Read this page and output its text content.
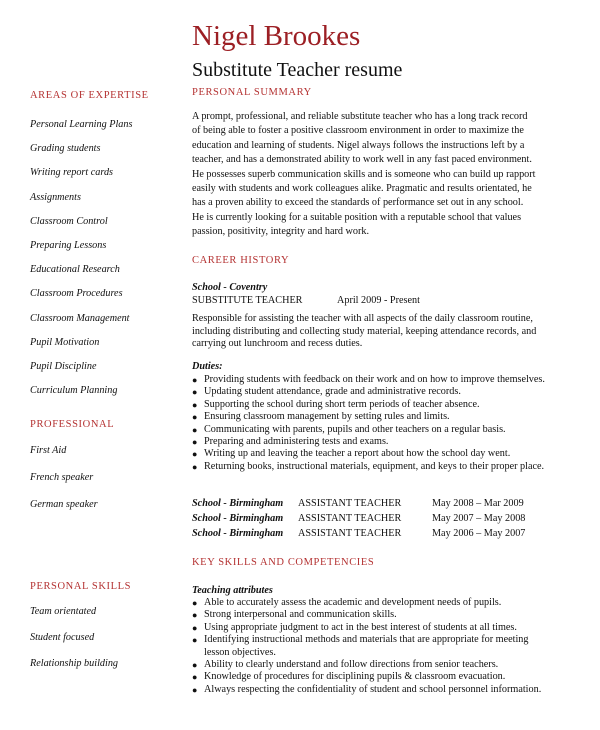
Nigel Brookes
Substitute Teacher resume
AREAS OF EXPERTISE
Personal Learning Plans
Grading students
Writing report cards
Assignments
Classroom Control
Preparing Lessons
Educational Research
Classroom Procedures
Classroom Management
Pupil Motivation
Pupil Discipline
Curriculum Planning
PROFESSIONAL
First Aid
French speaker
German speaker
PERSONAL SKILLS
Team orientated
Student focused
Relationship building
PERSONAL SUMMARY
A prompt, professional, and reliable substitute teacher who has a long track record
of being able to foster a positive classroom environment in order to maximize the
education and learning of students. Nigel always follows the instructions left by a
teacher, and has a demonstrated ability to work well in any fast paced environment.
He possesses superb communication skills and is someone who can build up rapport
easily with students and work colleagues alike. Pragmatic and results orientated, he
has a proven ability to exceed the standards of performance set out in any school.
He is currently looking for a suitable position with a reputable school that values
passion, positivity, integrity and hard work.
CAREER HISTORY
School - Coventry
SUBSTITUTE TEACHER	April 2009 - Present
Responsible for assisting the teacher with all aspects of the daily classroom routine,
including distributing and collecting study material, keeping attendance records, and
carrying out lunchroom and recess duties.
Duties:
● Providing students with feedback on their work and on how to improve themselves.
● Updating student attendance, grade and administrative records.
● Supporting the school during short term periods of teacher absence.
● Ensuring classroom management by setting rules and limits.
● Communicating with parents, pupils and other teachers on a regular basis.
● Preparing and administering tests and exams.
● Writing up and leaving the teacher a report about how the school day went.
● Returning books, instructional materials, equipment, and keys to their proper place.
School - Birmingham ASSISTANT TEACHER	May 2008 – Mar 2009
School - Birmingham ASSISTANT TEACHER	May 2007 – May 2008
School - Birmingham ASSISTANT TEACHER	May 2006 – May 2007
KEY SKILLS AND COMPETENCIES
Teaching attributes
● Able to accurately assess the academic and development needs of pupils.
● Strong interpersonal and communication skills.
● Using appropriate judgment to act in the best interest of students at all times.
● Identifying instructional methods and materials that are appropriate for meeting
lesson objectives.
● Ability to clearly understand and follow directions from senior teachers.
● Knowledge of procedures for disciplining pupils & classroom evacuation.
● Always respecting the confidentiality of student and school personnel information.
